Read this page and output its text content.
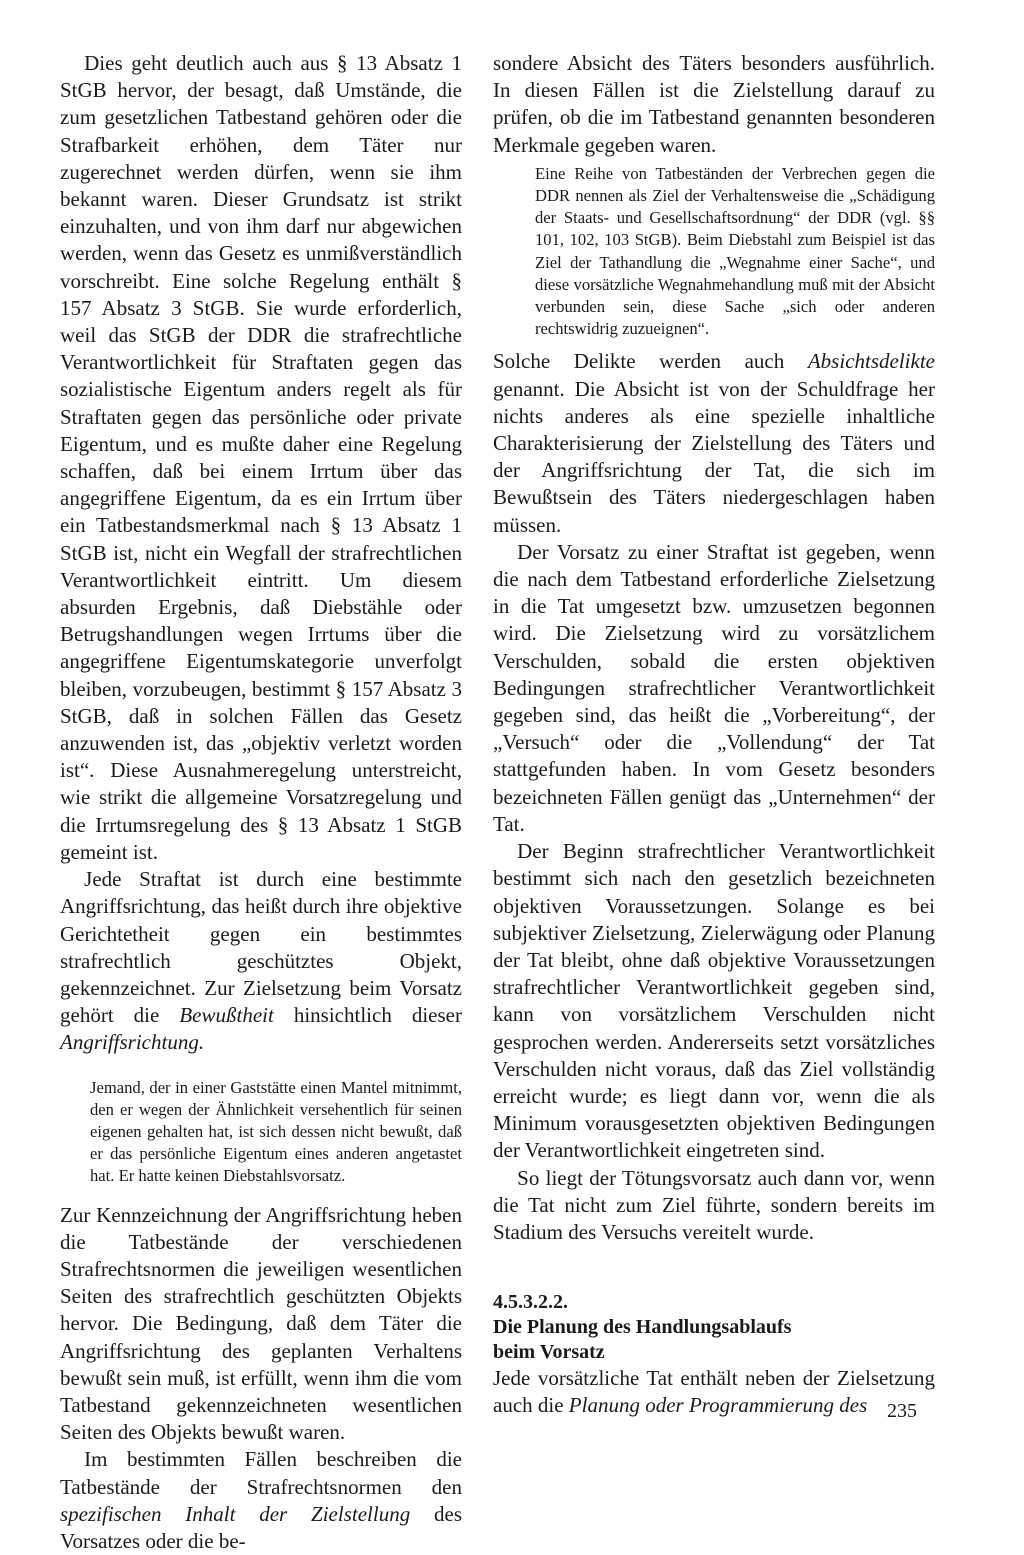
Dies geht deutlich auch aus § 13 Absatz 1 StGB hervor, der besagt, daß Umstände, die zum gesetzlichen Tatbestand gehören oder die Strafbarkeit erhöhen, dem Täter nur zugerechnet werden dürfen, wenn sie ihm bekannt waren. Dieser Grundsatz ist strikt einzuhalten, und von ihm darf nur abgewichen werden, wenn das Gesetz es unmißverständlich vorschreibt. Eine solche Regelung enthält § 157 Absatz 3 StGB. Sie wurde erforderlich, weil das StGB der DDR die strafrechtliche Verantwortlichkeit für Straftaten gegen das sozialistische Eigentum anders regelt als für Straftaten gegen das persönliche oder private Eigentum, und es mußte daher eine Regelung schaffen, daß bei einem Irrtum über das angegriffene Eigentum, da es ein Irrtum über ein Tatbestandsmerkmal nach § 13 Absatz 1 StGB ist, nicht ein Wegfall der strafrechtlichen Verantwortlichkeit eintritt. Um diesem absurden Ergebnis, daß Diebstähle oder Betrugshandlungen wegen Irrtums über die angegriffene Eigentumskategorie unverfolgt bleiben, vorzubeugen, bestimmt § 157 Absatz 3 StGB, daß in solchen Fällen das Gesetz anzuwenden ist, das „objektiv verletzt worden ist“. Diese Ausnahmeregelung unterstreicht, wie strikt die allgemeine Vorsatzregelung und die Irrtumsregelung des § 13 Absatz 1 StGB gemeint ist.

Jede Straftat ist durch eine bestimmte Angriffsrichtung, das heißt durch ihre objektive Gerichtetheit gegen ein bestimmtes strafrechtlich geschütztes Objekt, gekennzeichnet. Zur Zielsetzung beim Vorsatz gehört die Bewußtheit hinsichtlich dieser Angriffsrichtung.

Jemand, der in einer Gaststätte einen Mantel mitnimmt, den er wegen der Ähnlichkeit versehentlich für seinen eigenen gehalten hat, ist sich dessen nicht bewußt, daß er das persönliche Eigentum eines anderen angetastet hat. Er hatte keinen Diebstahlsvorsatz.

Zur Kennzeichnung der Angriffsrichtung heben die Tatbestände der verschiedenen Strafrechtsnormen die jeweiligen wesentlichen Seiten des strafrechtlich geschützten Objekts hervor. Die Bedingung, daß dem Täter die Angriffsrichtung des geplanten Verhaltens bewußt sein muß, ist erfüllt, wenn ihm die vom Tatbestand gekennzeichneten wesentlichen Seiten des Objekts bewußt waren.

Im bestimmten Fällen beschreiben die Tatbestände der Strafrechtsnormen den spezifischen Inhalt der Zielstellung des Vorsatzes oder die be-

sondere Absicht des Täters besonders ausführlich. In diesen Fällen ist die Zielstellung darauf zu prüfen, ob die im Tatbestand genannten besonderen Merkmale gegeben waren.

Eine Reihe von Tatbeständen der Verbrechen gegen die DDR nennen als Ziel der Verhaltensweise die „Schädigung der Staats- und Gesellschaftsordnung“ der DDR (vgl. §§ 101, 102, 103 StGB). Beim Diebstahl zum Beispiel ist das Ziel der Tathandlung die „Wegnahme einer Sache“, und diese vorsätzliche Wegnahmehandlung muß mit der Absicht verbunden sein, diese Sache „sich oder anderen rechtswidrig zuzueignen“.

Solche Delikte werden auch Absichtsdelikte genannt. Die Absicht ist von der Schuldfrage her nichts anderes als eine spezielle inhaltliche Charakterisierung der Zielstellung des Täters und der Angriffsrichtung der Tat, die sich im Bewußtsein des Täters niedergeschlagen haben müssen.

Der Vorsatz zu einer Straftat ist gegeben, wenn die nach dem Tatbestand erforderliche Zielsetzung in die Tat umgesetzt bzw. umzusetzen begonnen wird. Die Zielsetzung wird zu vorsätzlichem Verschulden, sobald die ersten objektiven Bedingungen strafrechtlicher Verantwortlichkeit gegeben sind, das heißt die „Vorbereitung“, der „Versuch“ oder die „Vollendung“ der Tat stattgefunden haben. In vom Gesetz besonders bezeichneten Fällen genügt das „Unternehmen“ der Tat.

Der Beginn strafrechtlicher Verantwortlichkeit bestimmt sich nach den gesetzlich bezeichneten objektiven Voraussetzungen. Solange es bei subjektiver Zielsetzung, Zielerwägung oder Planung der Tat bleibt, ohne daß objektive Voraussetzungen strafrechtlicher Verantwortlichkeit gegeben sind, kann von vorsätzlichem Verschulden nicht gesprochen werden. Andererseits setzt vorsätzliches Verschulden nicht voraus, daß das Ziel vollständig erreicht wurde; es liegt dann vor, wenn die als Minimum vorausgesetzten objektiven Bedingungen der Verantwortlichkeit eingetreten sind.

So liegt der Tötungsvorsatz auch dann vor, wenn die Tat nicht zum Ziel führte, sondern bereits im Stadium des Versuchs vereitelt wurde.

4.5.3.2.2.
Die Planung des Handlungsablaufs
beim Vorsatz

Jede vorsätzliche Tat enthält neben der Zielsetzung auch die Planung oder Programmierung des 235
